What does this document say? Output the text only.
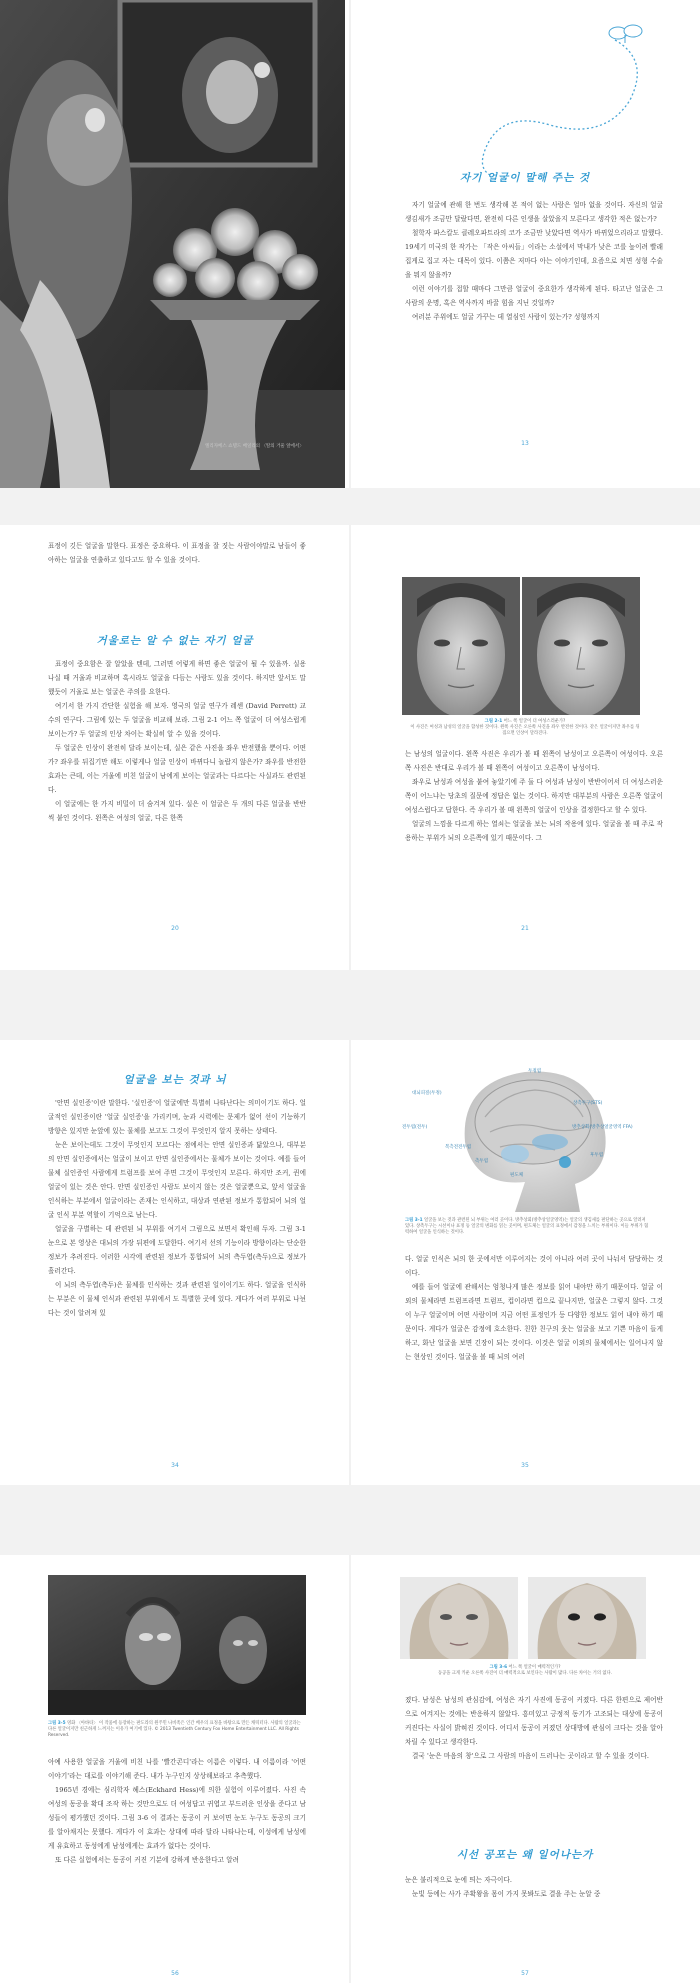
엘리자베스 쇼텔드 배일리의 〈딸의 거울 앞에서〉
자기 얼굴이 말해 주는 것

자기 얼굴에 관해 한 번도 생각해 본 적이 없는 사람은 얼마 없을 것이다. 자신의 얼굴 생김새가 조금만 달랐다면, 완전히 다른 인생을 살았을지 모른다고 생각한 적은 없는가?

철학자 파스칼도 클레오파트라의 코가 조금만 낮았다면 역사가 바뀌었으리라고 말했다. 19세기 미국의 한 작가는 「작은 아씨들」이라는 소설에서 막내가 낮은 코를 높이려 빨래집게로 집고 자는 대목이 있다. 이쯤은 저마다 아는 이야기인데, 요즘으로 치면 성형 수술을 뭐지 않을까?

이런 이야기를 접할 때마다 그만큼 얼굴이 중요한가 생각하게 된다. 타고난 얼굴은 그 사람의 운명, 혹은 역사까지 바꿀 힘을 지닌 것일까?

여러분 주위에도 얼굴 가꾸는 데 열심인 사람이 있는가? 성형까지

13

표정이 깃든 얼굴을 말한다. 표정은 중요하다. 이 표정을 잘 짓는 사람이야말로 남들이 좋아하는 얼굴을 연출하고 있다고도 할 수 있을 것이다.

거울로는 알 수 없는 자기 얼굴

표정이 중요함은 잘 알았을 텐데, 그러면 어렇게 하면 좋은 얼굴이 될 수 있을까. 실용 나실 때 거울과 비교하며 혹시라도 얼굴을 다듬는 사람도 있을 것이다. 하지만 앞서도 말했듯이 거울로 보는 얼굴은 주의를 요한다.

여기서 한 가지 간단한 실험을 해 보자. 영국의 얼굴 연구가 레센 (David Perrett) 교수의 연구다. 그림에 있는 두 얼굴을 비교해 보라. 그림 2-1 어느 쪽 얼굴이 더 여성스럽게 보이는가? 두 얼굴의 인상 차이는 확실히 알 수 있을 것이다.

두 얼굴은 인상이 완전히 달라 보이는데, 실은 같은 사진을 좌우 반전했을 뿐이다. 어떤가? 좌우를 뒤집기만 해도 이렇게나 얼굴 인상이 바뀌다니 놀랍지 않은가? 좌우를 반전한 효과는 큰데, 이는 거울에 비친 얼굴이 남에게 보이는 얼굴과는 다르다는 사실과도 관련된다.

이 얼굴에는 한 가지 비밀이 더 숨겨져 있다. 실은 이 얼굴은 두 개의 다른 얼굴을 반반씩 붙인 것이다. 왼쪽은 여성의 얼굴, 다른 한쪽

20

그림 2-1 어느 쪽 얼굴이 더 여성스러운가?
이 사진은 여성과 남성의 얼굴을 합성한 것이다. 왼쪽 사진은 오른쪽 사진을 좌우 반전한 것이다. 같은 얼굴이지만 좌우를 뒤집으면 인상이 달라진다.

는 남성의 얼굴이다. 왼쪽 사진은 우리가 볼 때 왼쪽이 남성이고 오른쪽이 여성이다. 오른쪽 사진은 반대로 우리가 볼 때 왼쪽이 여성이고 오른쪽이 남성이다.

좌우로 남성과 여성을 붙여 놓았기에 주 둘 다 여성과 남성이 반반이어서 더 여성스러운 쪽이 어느냐는 당초의 질문에 정답은 없는 것이다. 하지만 대부분의 사람은 오른쪽 얼굴이 여성스럽다고 답한다. 즉 우리가 볼 때 왼쪽의 얼굴이 인상을 결정한다고 할 수 있다.

얼굴의 느낌을 다르게 하는 열쇠는 얼굴을 보는 뇌의 작용에 있다. 얼굴을 볼 때 주로 작용하는 부위가 뇌의 오른쪽에 있기 때문이다. 그

21
얼굴을 보는 것과 뇌

'안면 실인증'이란 말한다. '실인증'이 얼굴에만 특별히 나타난다는 의미이기도 하다. 얼굴적인 실인증이란 '얼굴 실인증'을 가리키며, 눈과 시력에는 문제가 없어 선이 기능하기 방향은 있지만 눈앞에 있는 물체를 보고도 그것이 무엇인지 알지 못하는 상태다.

눈은 보이는데도 그것이 무엇인지 모르다는 점에서는 안면 실인증과 닮았으나, 대부분의 안면 실인증에서는 얼굴이 보이고 안면 실인증에서는 물체가 보이는 것이다. 예를 들어 물체 실인증인 사람에게 트럼프를 보여 주면 그것이 무엇인지 모른다. 하지만 조커, 퀸에 얼굴이 있는 것은 안다. 안면 실인증인 사람도 보이지 않는 것은 얼굴뿐으로, 앞서 얼굴을 인식하는 부분에서 얼굴이라는 존재는 인식하고, 대상과 연관된 정보가 통합되어 뇌의 얼굴 인식 부분 역할이 기억으로 남는다.

얼굴을 구별하는 데 관련된 뇌 부위를 여기서 그림으로 보면서 확인해 두자. 그림 3-1 눈으로 본 영상은 대뇌의 가장 뒤편에 도달한다. 여기서 선의 기능이라 방향이라는 단순한 정보가 추려진다. 이러한 시각에 관련된 정보가 통합되어 뇌의 측두엽(측두)으로 정보가 흘러간다.

이 뇌의 측두엽(측두)은 물체를 인식하는 것과 관련된 일이이기도 하다. 얼굴을 인식하는 부분은 이 물체 인식과 관련된 부위에서 도 특별한 곳에 있다. 게다가 여러 부위로 나뉜다는 것이 알려져 있

34
두정엽
대뇌피질(두정)
상측두구(STS)
전두엽(전두)	방추상회(방추상얼굴영역 FFA)
후두엽
측두엽
편도체
복측전전두엽

그림 3-1 얼굴을 보는 것과 관련된 뇌 부위는 여러 곳이다. 방추상회(방추상얼굴영역)는 얼굴의 생김새를 판단하는 곳으로 알려져 있다. 상측두구는 시선이나 표정 등 얼굴의 변화를 읽는 곳이며, 편도체는 얼굴의 표정에서 감정을 느끼는 부위이다. 이들 부위가 협력하여 얼굴을 인식하는 것이다.

다. 얼굴 인식은 뇌의 한 곳에서만 이루어지는 것이 아니라 여러 곳이 나눠서 담당하는 것이다.

예를 들어 얼굴에 관해서는 엄청나게 많은 정보를 읽어 내야만 하기 때문이다. 얼굴 이외의 물체라면 트럼프라면 트럼프, 컵이라면 컵으로 끝나지만, 얼굴은 그렇지 않다. 그것이 누구 얼굴이며 어떤 사람이며 지금 어떤 표정인가 등 다양한 정보도 읽어 내야 하기 때문이다. 게다가 얼굴은 감정에 호소한다. 친한 친구의 웃는 얼굴을 보고 기쁜 마음이 들게 하고, 화난 얼굴을 보면 긴장이 되는 것이다. 이것은 얼굴 이외의 물체에서는 일어나지 않는 현상인 것이다. 얼굴을 볼 때 뇌의 여러

35

그림 3-5 영화 〈아바타〉 이 작품에 등장하는 판도라의 원주민 나비족은 인간 배우의 표정을 바탕으로 만든 캐릭터다. 사람의 얼굴과는 다른 얼굴이지만 친근하게 느껴지는 이유가 여기에 있다. © 2013 Twentieth Century Fox Home Entertainment LLC. All Rights Reserved.

아예 사용한 얼굴을 거울에 비친 나를 '빨간콘디'라는 이름은 이렇다. 내 이름이라 '어떤 이야기'라는 대로를 이야기해 준다. 내가 누구인지 상상해보라고 추측했다.

1965년 경에는 심리학자 헤스(Eckhard Hess)에 의한 실험이 이루어졌다. 사진 속 여성의 동공을 확대 조작 하는 것만으로도 더 여성답고 귀엽고 부드러운 인상을 준다고 남성들이 평가했던 것이다. 그림 3-6 이 결과는 동공이 커 보이면 눈도 누구도 동공의 크기를 알아채지는 못했다. 게다가 이 효과는 상대에 따라 달라 나타나는데, 이성에게 남성에게 유효하고 동성에게 남성에게는 효과가 없다는 것이다.

또 다른 실험에서는 동공이 커진 기분에 강하게 반응한다고 알려

56

그림 3-6 어느 쪽 얼굴이 매력적인가?
동공을 크게 키운 오른쪽 사진이 더 매력적으로 보인다는 사람이 많다. 다른 차이는 거의 없다.

졌다. 남성은 남성의 관심감에, 여성은 자기 사진에 동공이 커졌다. 다른 한편으로 제어반으로 여겨지는 것에는 반응하지 않았다. 흥미있고 긍정적 동기가 고조되는 대상에 동공이 커진다는 사실이 밝혀진 것이다. 어디서 동공이 커졌던 상대방에 관심이 크다는 것을 알아차릴 수 있다고 생각한다.

결국 '눈은 마음의 창'으로 그 사람의 마음이 드러나는 곳이라고 할 수 있을 것이다.

시선 공포는 왜 일어나는가

눈은 불리적으로 눈에 띄는 자극이다.

눈빛 등에는 사가 주확왕을 몸이 가지 못봐도로 결을 주는 눈알 중

57
